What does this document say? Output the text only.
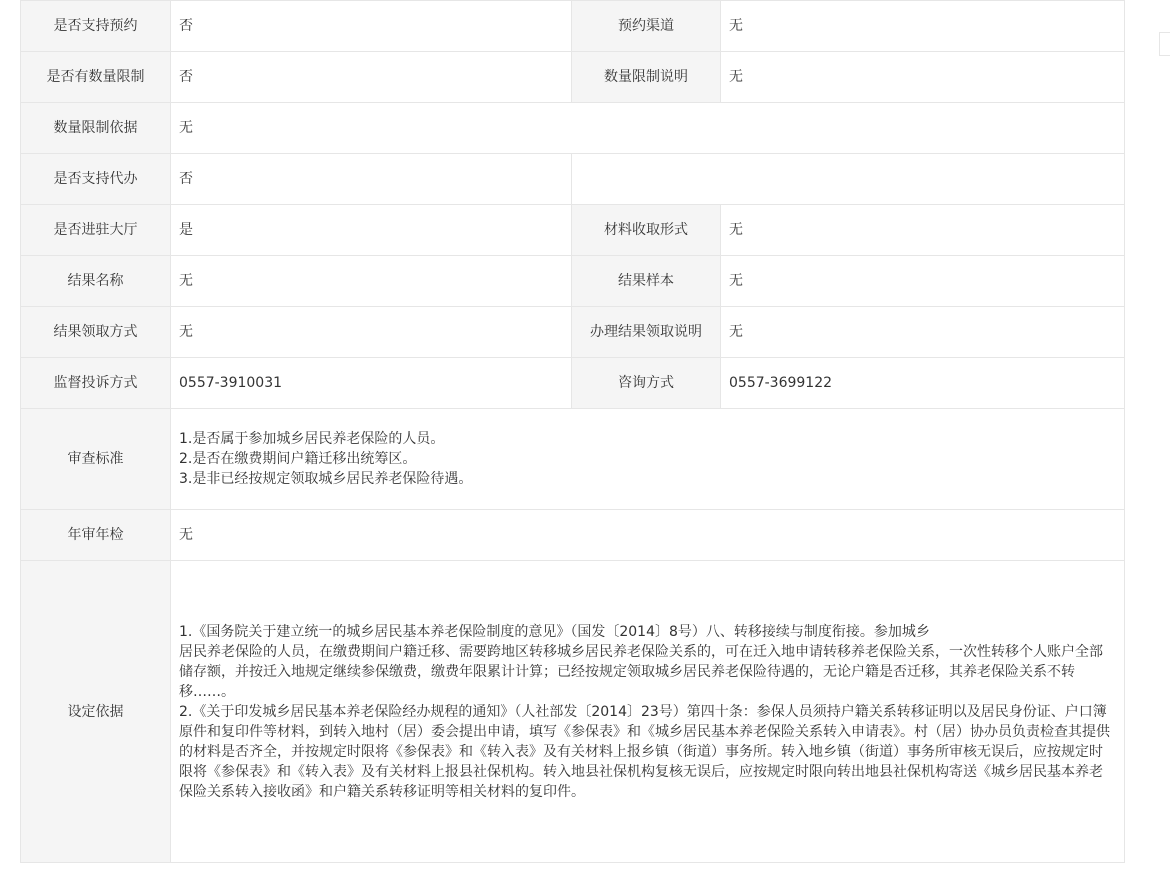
是否支持预约	否	预约渠道	无
是否有数量限制	否	数量限制说明	无
数量限制依据	无		
是否支持代办	否		
是否进驻大厅	是	材料收取形式	无
结果名称	无	结果样本	无
结果领取方式	无	办理结果领取说明	无
监督投诉方式	0557-3910031	咨询方式	0557-3699122
审查标准	1.是否属于参加城乡居民养老保险的人员。
2.是否在缴费期间户籍迁移出统筹区。
3.是非已经按规定领取城乡居民养老保险待遇。		

年审年检	无		
设定依据	1.《国务院关于建立统一的城乡居民基本养老保险制度的意见》（国发〔2014〕8号）八、转移接续与制度衔接。参加城乡
居民养老保险的人员，在缴费期间户籍迁移、需要跨地区转移城乡居民养老保险关系的，可在迁入地申请转移养老保险关系，一次性转移个人账户全部储存额，并按迁入地规定继续参保缴费，缴费年限累计计算；已经按规定领取城乡居民养老保险待遇的，无论户籍是否迁移，其养老保险关系不转移……。
2.《关于印发城乡居民基本养老保险经办规程的通知》（人社部发〔2014〕23号）第四十条：参保人员须持户籍关系转移证明以及居民身份证、户口簿原件和复印件等材料，到转入地村（居）委会提出申请，填写《参保表》和《城乡居民基本养老保险关系转入申请表》。村（居）协办员负责检查其提供的材料是否齐全，并按规定时限将《参保表》和《转入表》及有关材料上报乡镇（街道）事务所。转入地乡镇（街道）事务所审核无误后，应按规定时限将《参保表》和《转入表》及有关材料上报县社保机构。转入地县社保机构复核无误后，应按规定时限向转出地县社保机构寄送《城乡居民基本养老保险关系转入接收函》和户籍关系转移证明等相关材料的复印件。		
